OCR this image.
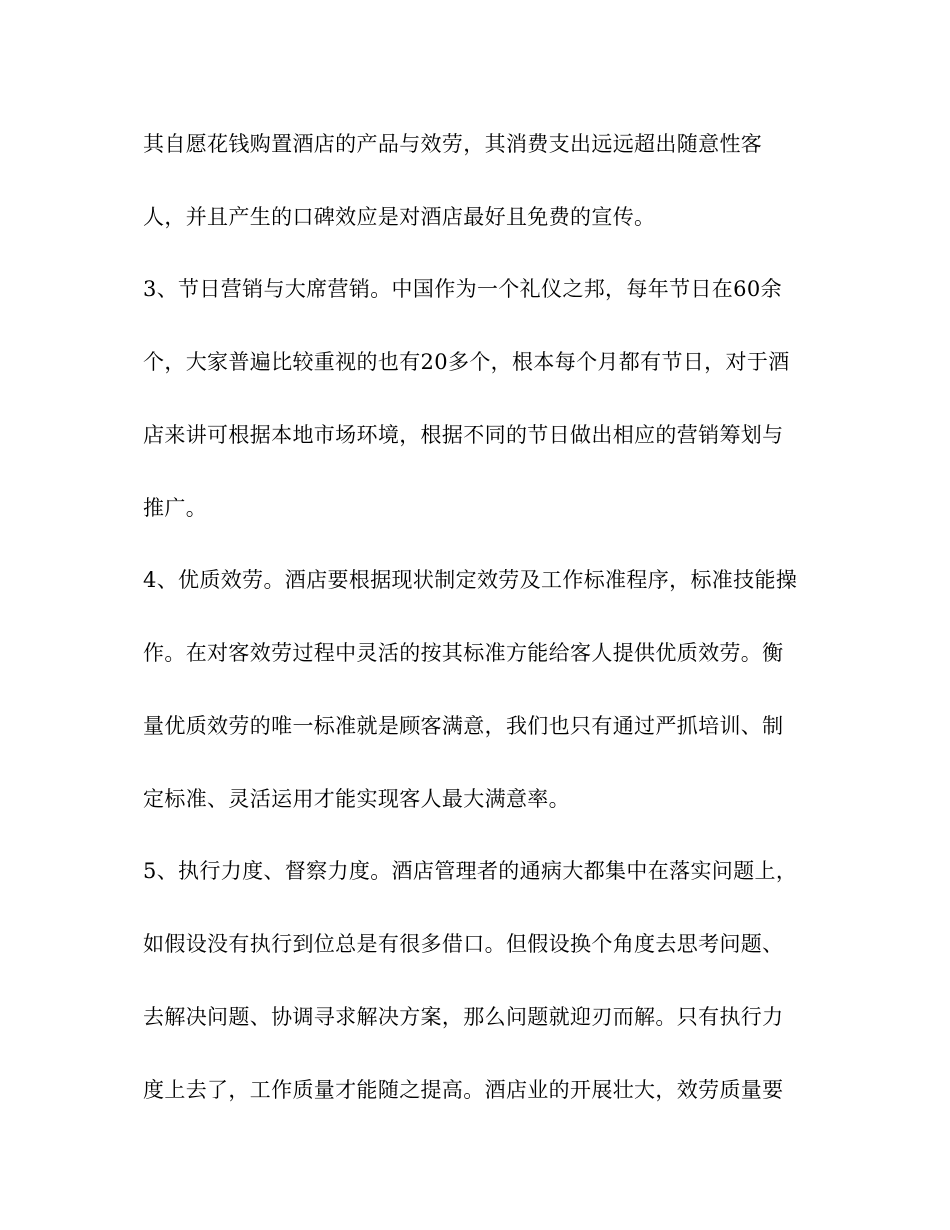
其自愿花钱购置酒店的产品与效劳，其消费支出远远超出随意性客
人，并且产生的口碑效应是对酒店最好且免费的宣传。
3、节日营销与大席营销。中国作为一个礼仪之邦，每年节日在60余
个，大家普遍比较重视的也有20多个，根本每个月都有节日，对于酒
店来讲可根据本地市场环境，根据不同的节日做出相应的营销筹划与
推广。
4、优质效劳。酒店要根据现状制定效劳及工作标准程序，标准技能操
作。在对客效劳过程中灵活的按其标准方能给客人提供优质效劳。衡
量优质效劳的唯一标准就是顾客满意，我们也只有通过严抓培训、制
定标准、灵活运用才能实现客人最大满意率。
5、执行力度、督察力度。酒店管理者的通病大都集中在落实问题上，
如假设没有执行到位总是有很多借口。但假设换个角度去思考问题、
去解决问题、协调寻求解决方案，那么问题就迎刃而解。只有执行力
度上去了，工作质量才能随之提高。酒店业的开展壮大，效劳质量要
